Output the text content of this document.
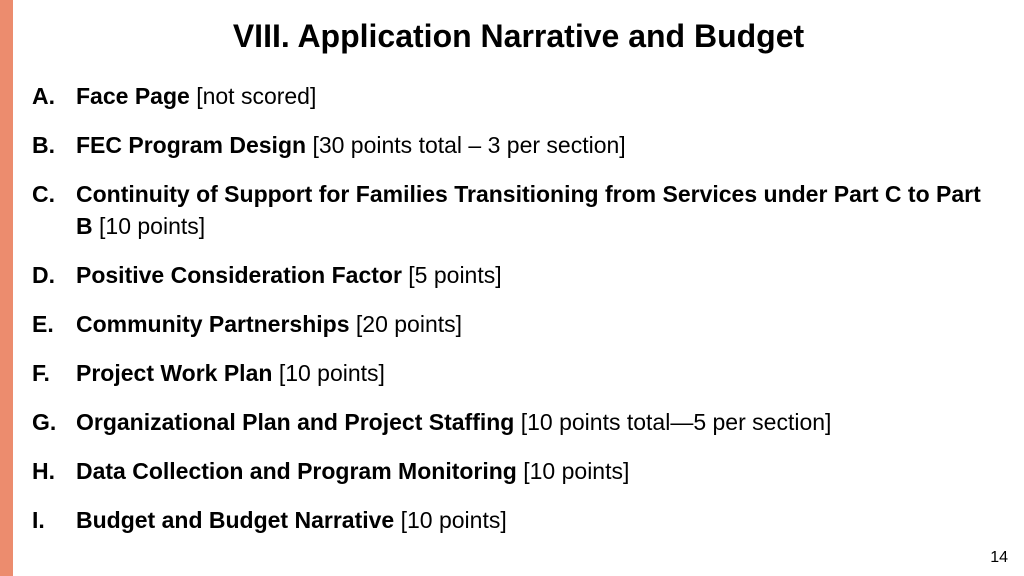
VIII. Application Narrative and Budget
A. Face Page [not scored]
B. FEC Program Design [30 points total – 3 per section]
C. Continuity of Support for Families Transitioning from Services under Part C to Part B [10 points]
D. Positive Consideration Factor [5 points]
E. Community Partnerships [20 points]
F.	Project Work Plan [10 points]
G. Organizational Plan and Project Staffing [10 points total—5 per section]
H. Data Collection and Program Monitoring [10 points]
I.	Budget and Budget Narrative [10 points]
14
